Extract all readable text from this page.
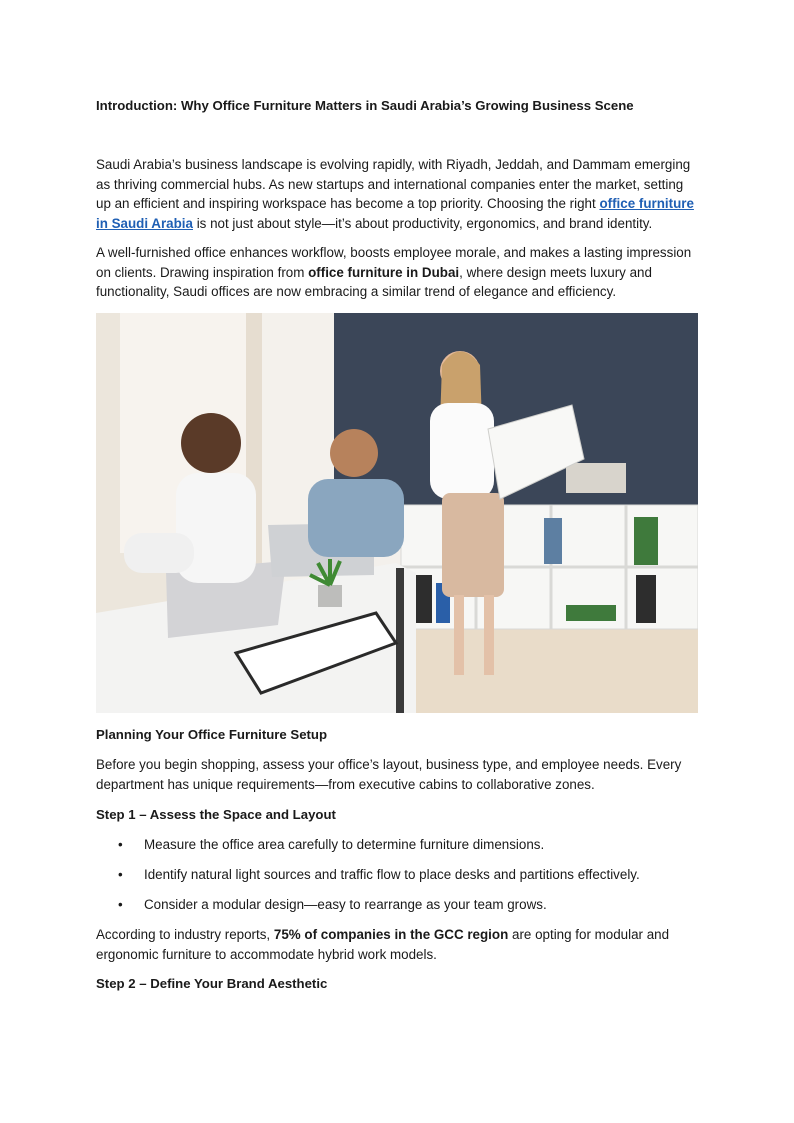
Introduction: Why Office Furniture Matters in Saudi Arabia’s Growing Business Scene

Saudi Arabia’s business landscape is evolving rapidly, with Riyadh, Jeddah, and Dammam emerging as thriving commercial hubs. As new startups and international companies enter the market, setting up an efficient and inspiring workspace has become a top priority. Choosing the right office furniture in Saudi Arabia is not just about style—it’s about productivity, ergonomics, and brand identity.

A well-furnished office enhances workflow, boosts employee morale, and makes a lasting impression on clients. Drawing inspiration from office furniture in Dubai, where design meets luxury and functionality, Saudi offices are now embracing a similar trend of elegance and efficiency.

Planning Your Office Furniture Setup

Before you begin shopping, assess your office’s layout, business type, and employee needs. Every department has unique requirements—from executive cabins to collaborative zones.

Step 1 – Assess the Space and Layout

• Measure the office area carefully to determine furniture dimensions.
• Identify natural light sources and traffic flow to place desks and partitions effectively.
• Consider a modular design—easy to rearrange as your team grows.

According to industry reports, 75% of companies in the GCC region are opting for modular and ergonomic furniture to accommodate hybrid work models.

Step 2 – Define Your Brand Aesthetic
